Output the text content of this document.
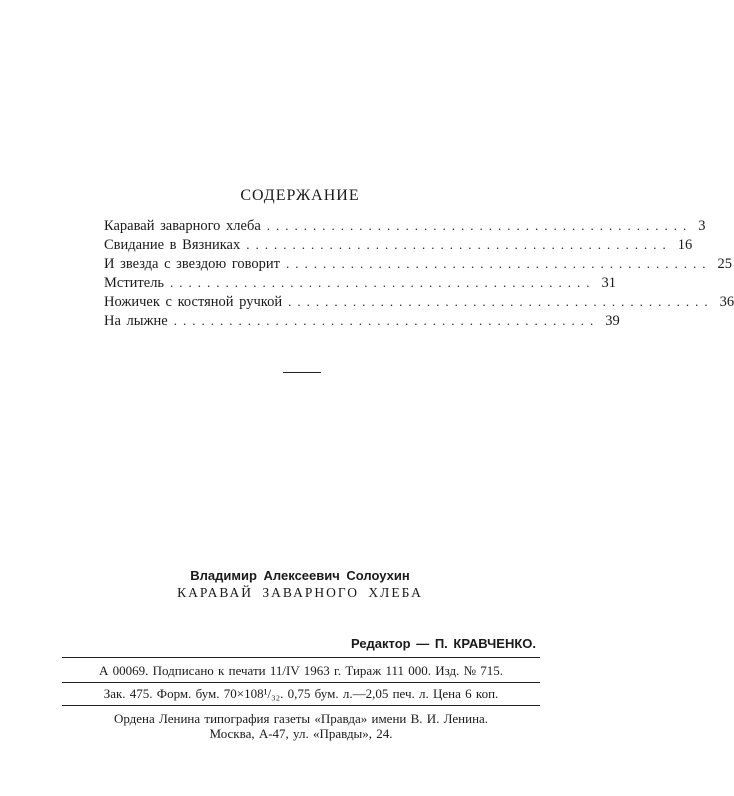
СОДЕРЖАНИЕ
Каравай заварного хлеба .............................................. 3
Свидание в Вязниках .............................................. 16
И звезда с звездою говорит .............................................. 25
Мститель .............................................. 31
Ножичек с костяной ручкой .............................................. 36
На лыжне .............................................. 39
Владимир Алексеевич Солоухин
КАРАВАЙ ЗАВАРНОГО ХЛЕБА
Редактор — П. КРАВЧЕНКО.
А 00069. Подписано к печати 11/IV 1963 г. Тираж 111 000. Изд. № 715.
Зак. 475. Форм. бум. 70×108¹/₃₂. 0,75 бум. л.—2,05 печ. л. Цена 6 коп.
Ордена Ленина типография газеты «Правда» имени В. И. Ленина.
Москва, А-47, ул. «Правды», 24.
